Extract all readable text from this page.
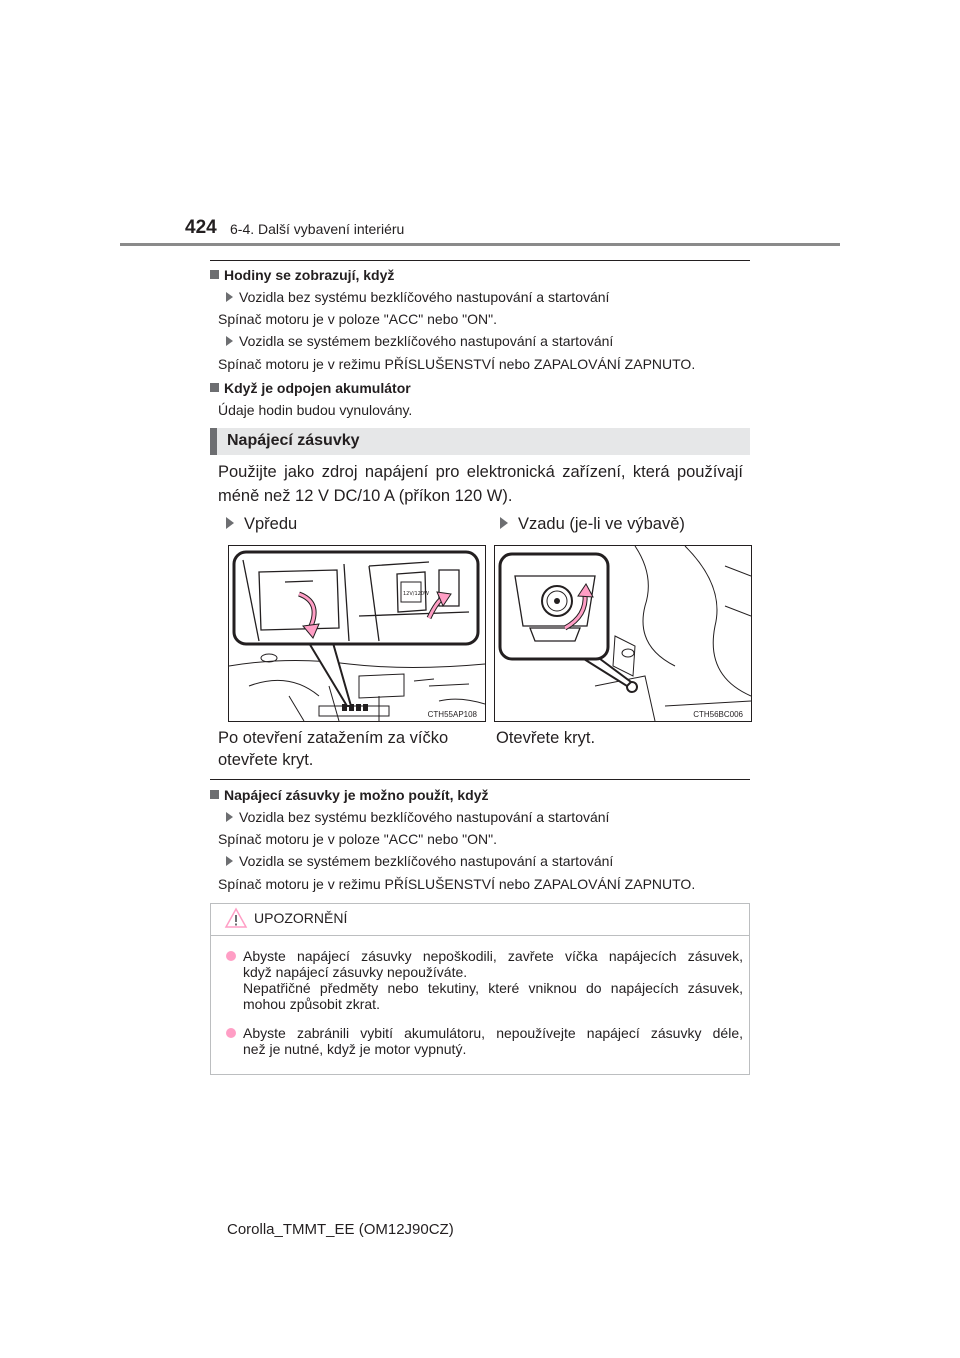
424 6-4. Další vybavení interiéru
Hodiny se zobrazují, když
Vozidla bez systému bezklíčového nastupování a startování
Spínač motoru je v poloze "ACC" nebo "ON".
Vozidla se systémem bezklíčového nastupování a startování
Spínač motoru je v režimu PŘÍSLUŠENSTVÍ nebo ZAPALOVÁNÍ ZAPNUTO.
Když je odpojen akumulátor
Údaje hodin budou vynulovány.
Napájecí zásuvky
Použijte jako zdroj napájení pro elektronická zařízení, která používají méně než 12 V DC/10 A (příkon 120 W).
Vpředu	Vzadu (je-li ve výbavě)
12V/120W
CTH55AP108	CTH56BC006
Po otevření zatažením za víčko
otevřete kryt.
Otevřete kryt.
Napájecí zásuvky je možno použít, když
Vozidla bez systému bezklíčového nastupování a startování
Spínač motoru je v poloze "ACC" nebo "ON".
Vozidla se systémem bezklíčového nastupování a startování
Spínač motoru je v režimu PŘÍSLUŠENSTVÍ nebo ZAPALOVÁNÍ ZAPNUTO.
UPOZORNĚNÍ
Abyste napájecí zásuvky nepoškodili, zavřete víčka napájecích zásuvek,
když napájecí zásuvky nepoužíváte.
Nepatřičné předměty nebo tekutiny, které vniknou do napájecích zásuvek,
mohou způsobit zkrat.
Abyste zabránili vybití akumulátoru, nepoužívejte napájecí zásuvky déle,
než je nutné, když je motor vypnutý.
Corolla_TMMT_EE (OM12J90CZ)
